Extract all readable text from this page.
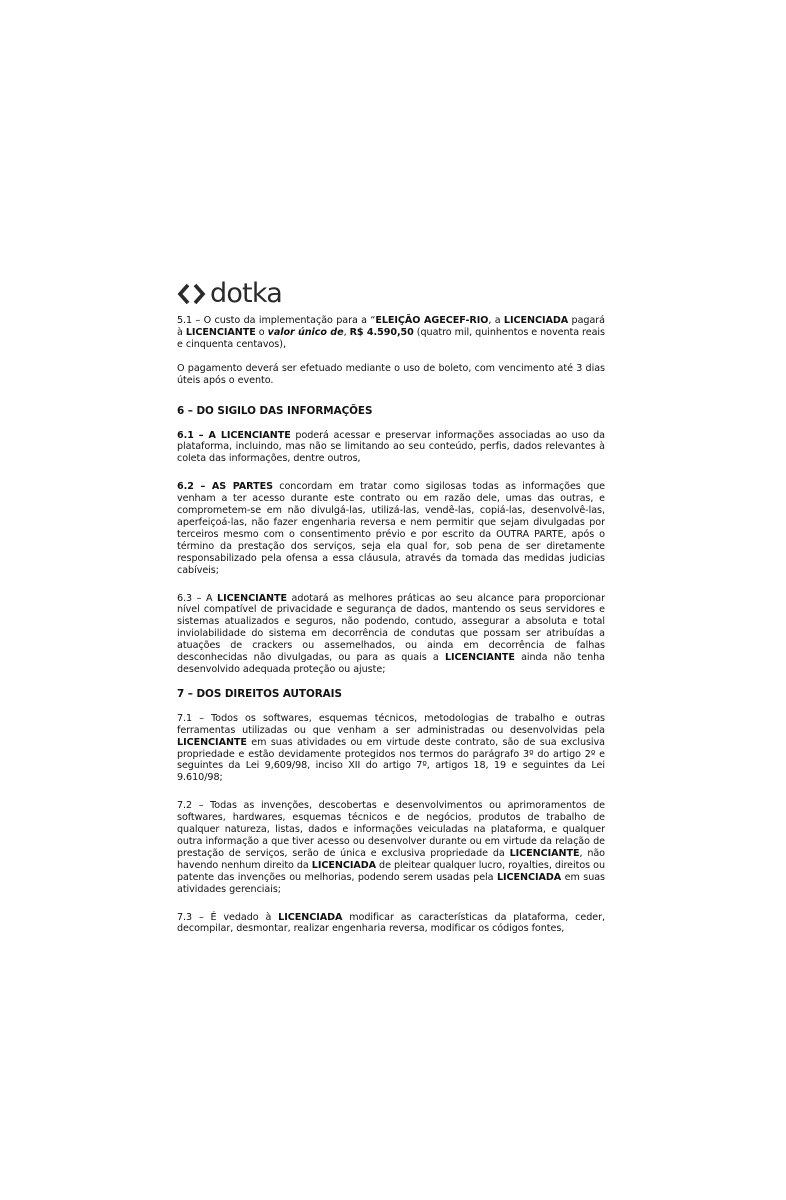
dotka

5.1 – O custo da implementação para a “ELEIÇÃO AGECEF-RIO, a LICENCIADA pagará à LICENCIANTE o valor único de, R$ 4.590,50 (quatro mil, quinhentos e noventa reais e cinquenta centavos),

O pagamento deverá ser efetuado mediante o uso de boleto, com vencimento até 3 dias úteis após o evento.

6 – DO SIGILO DAS INFORMAÇÕES

6.1 – A LICENCIANTE poderá acessar e preservar informações associadas ao uso da plataforma, incluindo, mas não se limitando ao seu conteúdo, perfis, dados relevantes à coleta das informações, dentre outros,

6.2 – AS PARTES concordam em tratar como sigilosas todas as informações que venham a ter acesso durante este contrato ou em razão dele, umas das outras, e comprometem-se em não divulgá-las, utilizá-las, vendê-las, copiá-las, desenvolvê-las, aperfeiçoá-las, não fazer engenharia reversa e nem permitir que sejam divulgadas por terceiros mesmo com o consentimento prévio e por escrito da OUTRA PARTE, após o término da prestação dos serviços, seja ela qual for, sob pena de ser diretamente responsabilizado pela ofensa a essa cláusula, através da tomada das medidas judicias cabíveis;

6.3 – A LICENCIANTE adotará as melhores práticas ao seu alcance para proporcionar nível compatível de privacidade e segurança de dados, mantendo os seus servidores e sistemas atualizados e seguros, não podendo, contudo, assegurar a absoluta e total inviolabilidade do sistema em decorrência de condutas que possam ser atribuídas a atuações de crackers ou assemelhados, ou ainda em decorrência de falhas desconhecidas não divulgadas, ou para as quais a LICENCIANTE ainda não tenha desenvolvido adequada proteção ou ajuste;

7 – DOS DIREITOS AUTORAIS

7.1 – Todos os softwares, esquemas técnicos, metodologias de trabalho e outras ferramentas utilizadas ou que venham a ser administradas ou desenvolvidas pela LICENCIANTE em suas atividades ou em virtude deste contrato, são de sua exclusiva propriedade e estão devidamente protegidos nos termos do parágrafo 3º do artigo 2º e seguintes da Lei 9,609/98, inciso XII do artigo 7º, artigos 18, 19 e seguintes da Lei 9.610/98;

7.2 – Todas as invenções, descobertas e desenvolvimentos ou aprimoramentos de softwares, hardwares, esquemas técnicos e de negócios, produtos de trabalho de qualquer natureza, listas, dados e informações veiculadas na plataforma, e qualquer outra informação a que tiver acesso ou desenvolver durante ou em virtude da relação de prestação de serviços, serão de única e exclusiva propriedade da LICENCIANTE, não havendo nenhum direito da LICENCIADA de pleitear qualquer lucro, royalties, direitos ou patente das invenções ou melhorias, podendo serem usadas pela LICENCIADA em suas atividades gerenciais;

7.3 – É vedado à LICENCIADA modificar as características da plataforma, ceder, decompilar, desmontar, realizar engenharia reversa, modificar os códigos fontes,
